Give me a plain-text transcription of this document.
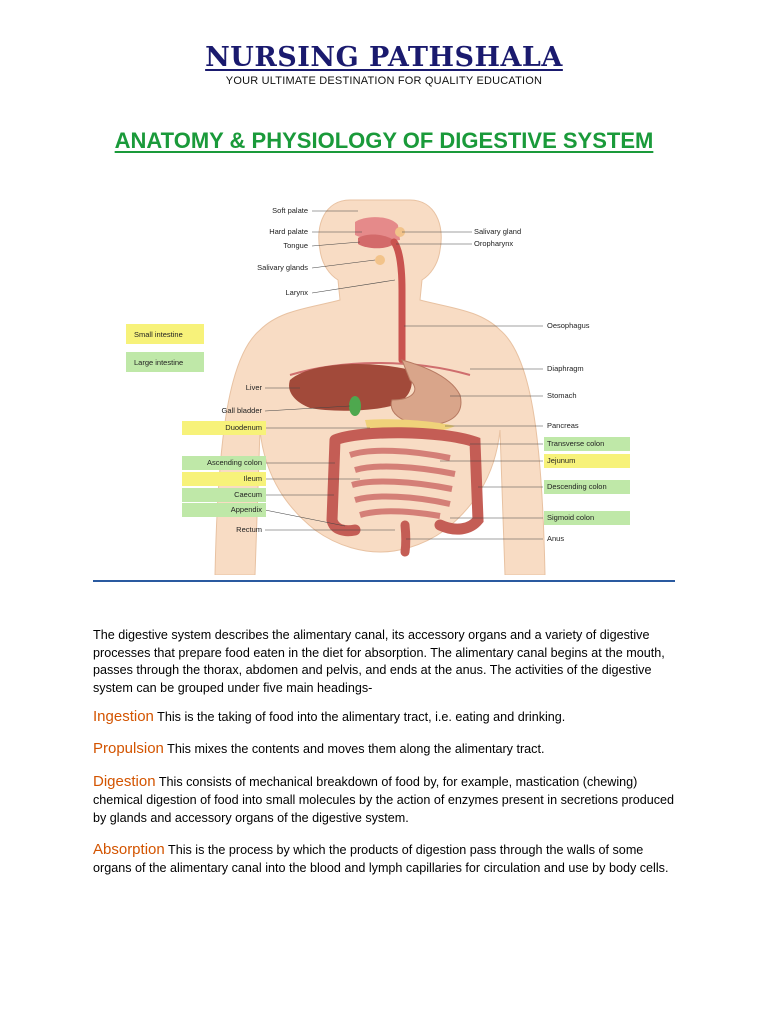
NURSING PATHSHALA
YOUR ULTIMATE DESTINATION FOR QUALITY EDUCATION
ANATOMY & PHYSIOLOGY OF DIGESTIVE SYSTEM
Small intestine
Large intestine
Soft palate
Hard palate
Tongue
Salivary glands
Larynx
Liver
Gall bladder
Duodenum
Ascending colon
Ileum
Caecum
Appendix
Rectum
Salivary gland
Oropharynx
Oesophagus
Diaphragm
Stomach
Pancreas
Transverse colon
Jejunum
Descending colon
Sigmoid colon
Anus
The digestive system describes the alimentary canal, its accessory organs and a variety of digestive processes that prepare food eaten in the diet for absorption. The alimentary canal begins at the mouth, passes through the thorax, abdomen and pelvis, and ends at the anus. The activities of the digestive system can be grouped under five main headings-
Ingestion This is the taking of food into the alimentary tract, i.e. eating and drinking.
Propulsion This mixes the contents and moves them along the alimentary tract.
Digestion This consists of mechanical breakdown of food by, for example, mastication (chewing) chemical digestion of food into small molecules by the action of enzymes present in secretions produced by glands and accessory organs of the digestive system.
Absorption This is the process by which the products of digestion pass through the walls of some organs of the alimentary canal into the blood and lymph capillaries for circulation and use by body cells.
